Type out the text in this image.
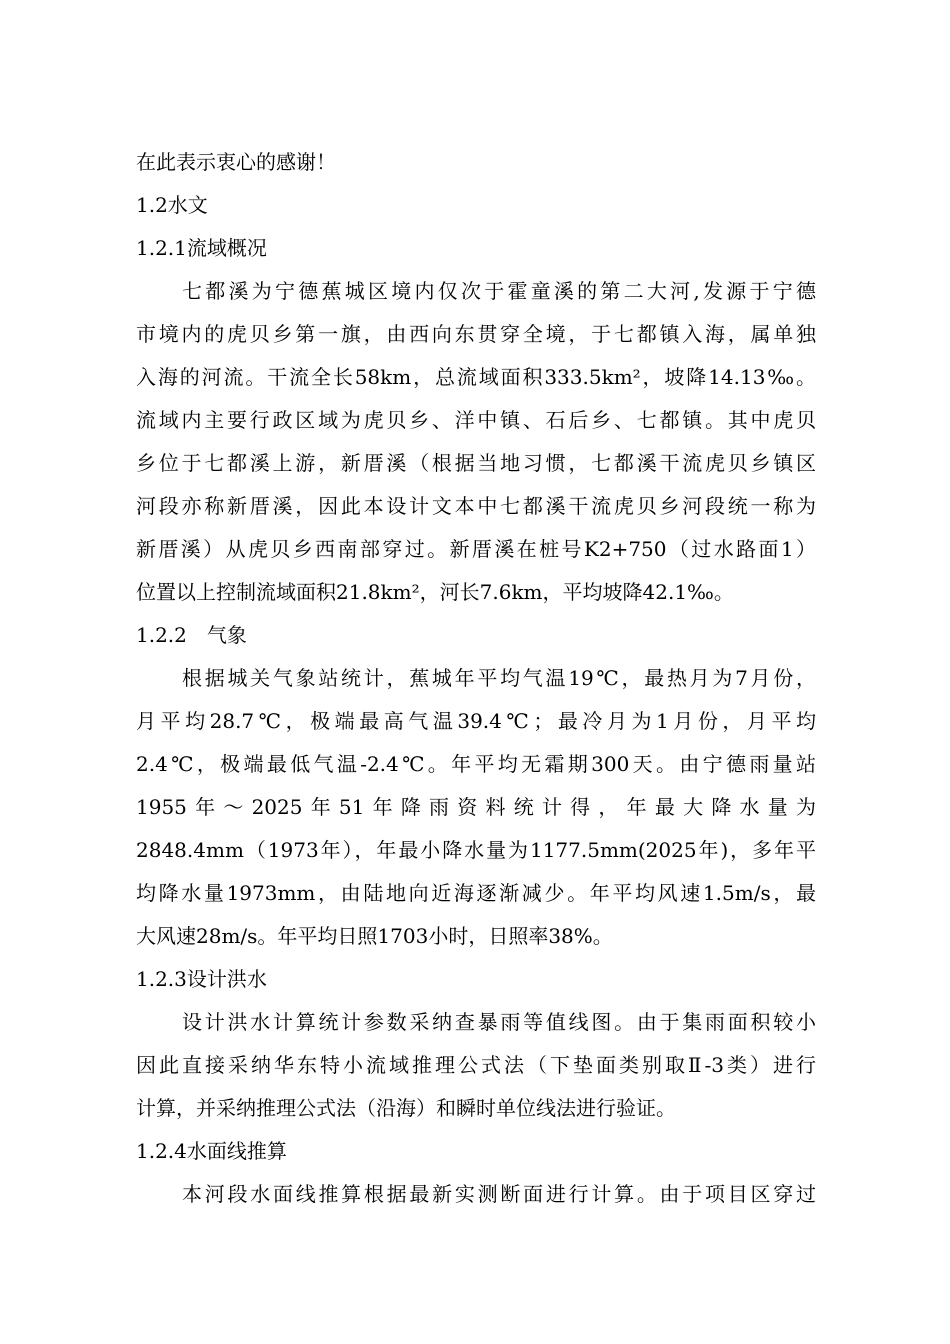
在此表示衷心的感谢！
1.2水文
1.2.1流域概况
七都溪为宁德蕉城区境内仅次于霍童溪的第二大河,发源于宁德
市境内的虎贝乡第一旗，由西向东贯穿全境，于七都镇入海，属单独
入海的河流。干流全长58km，总流域面积333.5km²，坡降14.13‰。
流域内主要行政区域为虎贝乡、洋中镇、石后乡、七都镇。其中虎贝
乡位于七都溪上游，新厝溪（根据当地习惯，七都溪干流虎贝乡镇区
河段亦称新厝溪，因此本设计文本中七都溪干流虎贝乡河段统一称为
新厝溪）从虎贝乡西南部穿过。新厝溪在桩号K2+750（过水路面1）
位置以上控制流域面积21.8km²，河长7.6km，平均坡降42.1‰。
1.2.2　气象
根据城关气象站统计，蕉城年平均气温19℃，最热月为7月份，
月平均28.7℃，极端最高气温39.4℃；最冷月为1月份，月平均
2.4℃，极端最低气温-2.4℃。年平均无霜期300天。由宁德雨量站
1955年～2025年51年降雨资料统计得，年最大降水量为
2848.4mm（1973年），年最小降水量为1177.5mm(2025年)，多年平
均降水量1973mm，由陆地向近海逐渐减少。年平均风速1.5m/s，最
大风速28m/s。年平均日照1703小时，日照率38%。
1.2.3设计洪水
设计洪水计算统计参数采纳查暴雨等值线图。由于集雨面积较小
因此直接采纳华东特小流域推理公式法（下垫面类别取Ⅱ-3类）进行
计算，并采纳推理公式法（沿海）和瞬时单位线法进行验证。
1.2.4水面线推算
本河段水面线推算根据最新实测断面进行计算。由于项目区穿过
